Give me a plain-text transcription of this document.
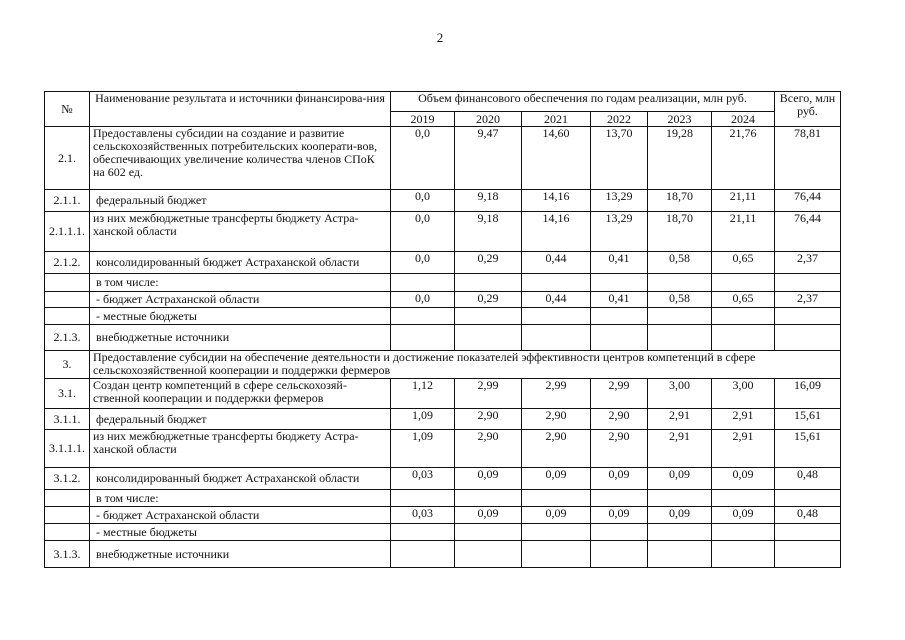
2
№	Наименование результата и источники финансирова-ния	Объем финансового обеспечения по годам реализации, млн руб.						Всего, млн руб.
		2019	2020	2021	2022	2023	2024	
2.1.	Предоставлены субсидии на создание и развитие сельскохозяйственных потребительских кооперати-вов, обеспечивающих увеличение количества членов СПоК на 602 ед.	0,0	9,47	14,60	13,70	19,28	21,76	78,81
2.1.1.	федеральный бюджет	0,0	9,18	14,16	13,29	18,70	21,11	76,44
2.1.1.1.	из них межбюджетные трансферты бюджету Астра-ханской области	0,0	9,18	14,16	13,29	18,70	21,11	76,44
2.1.2.	консолидированный бюджет Астраханской области	0,0	0,29	0,44	0,41	0,58	0,65	2,37
	в том числе:							
	- бюджет Астраханской области	0,0	0,29	0,44	0,41	0,58	0,65	2,37
	- местные бюджеты							
2.1.3.	внебюджетные источники							
3.	Предоставление субсидии на обеспечение деятельности и достижение показателей эффективности центров компетенций в сфере сельскохозяйственной кооперации и поддержки фермеров							
3.1.	Создан центр компетенций в сфере сельскохозяй-ственной кооперации и поддержки фермеров	1,12	2,99	2,99	2,99	3,00	3,00	16,09
3.1.1.	федеральный бюджет	1,09	2,90	2,90	2,90	2,91	2,91	15,61
3.1.1.1.	из них межбюджетные трансферты бюджету Астра-ханской области	1,09	2,90	2,90	2,90	2,91	2,91	15,61
3.1.2.	консолидированный бюджет Астраханской области	0,03	0,09	0,09	0,09	0,09	0,09	0,48
	в том числе:							
	- бюджет Астраханской области	0,03	0,09	0,09	0,09	0,09	0,09	0,48
	- местные бюджеты							
3.1.3.	внебюджетные источники							
